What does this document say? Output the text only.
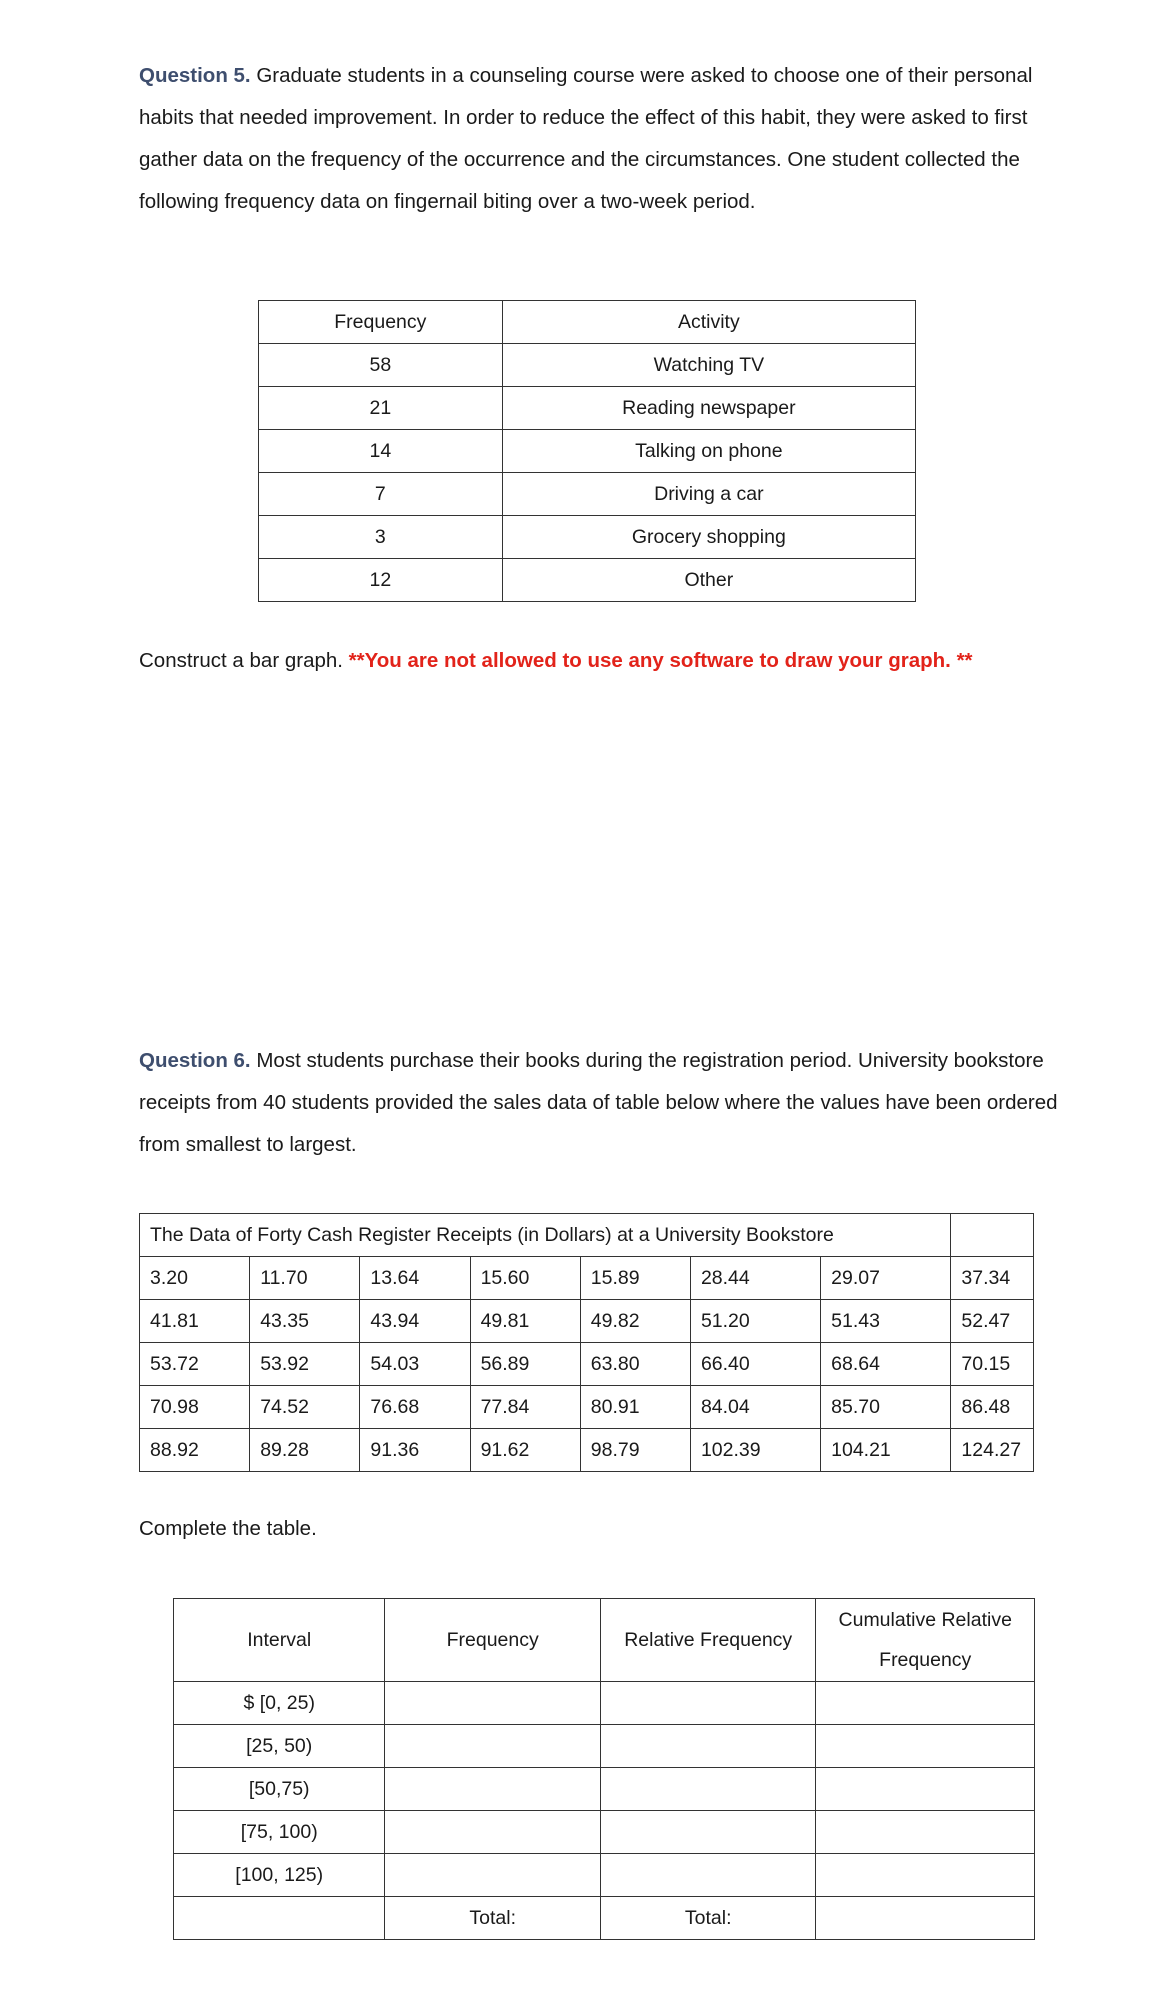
Question 5. Graduate students in a counseling course were asked to choose one of their personal habits that needed improvement. In order to reduce the effect of this habit, they were asked to first gather data on the frequency of the occurrence and the circumstances. One student collected the following frequency data on fingernail biting over a two-week period.

Frequency	Activity
58	Watching TV
21	Reading newspaper
14	Talking on phone
7	Driving a car
3	Grocery shopping
12	Other

Construct a bar graph. **You are not allowed to use any software to draw your graph. **

Question 6. Most students purchase their books during the registration period. University bookstore receipts from 40 students provided the sales data of table below where the values have been ordered from smallest to largest.

The Data of Forty Cash Register Receipts (in Dollars) at a University Bookstore							
3.20	11.70	13.64	15.60	15.89	28.44	29.07	37.34
41.81	43.35	43.94	49.81	49.82	51.20	51.43	52.47
53.72	53.92	54.03	56.89	63.80	66.40	68.64	70.15
70.98	74.52	76.68	77.84	80.91	84.04	85.70	86.48
88.92	89.28	91.36	91.62	98.79	102.39	104.21	124.27

Complete the table.

Interval	Frequency	Relative Frequency	Cumulative Relative
Frequency
$ [0, 25)			
[25, 50)			
[50,75)			
[75, 100)			
[100, 125)			
	Total:	Total:	
